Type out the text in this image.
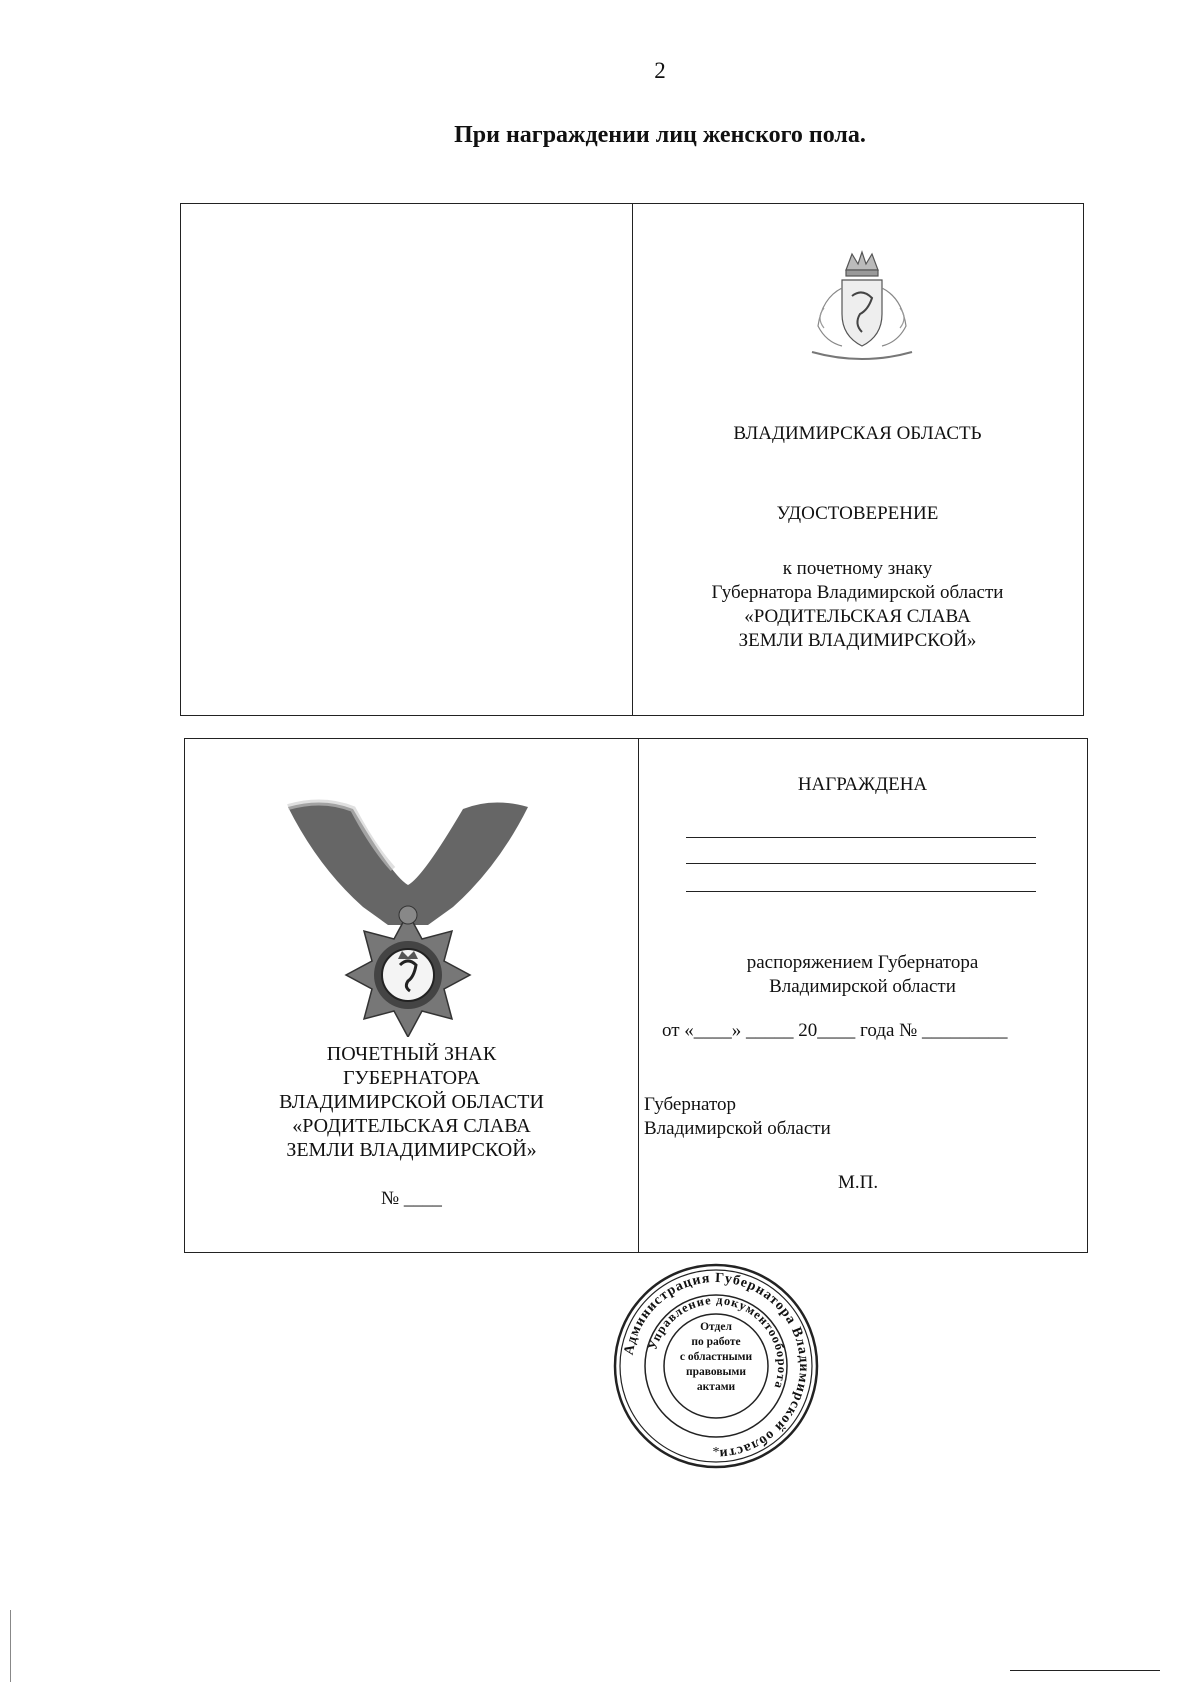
2
При награждении лиц женского пола.
ВЛАДИМИРСКАЯ ОБЛАСТЬ
УДОСТОВЕРЕНИЕ
к почетному знаку
Губернатора Владимирской области
«РОДИТЕЛЬСКАЯ СЛАВА
ЗЕМЛИ ВЛАДИМИРСКОЙ»
ПОЧЕТНЫЙ ЗНАК
ГУБЕРНАТОРА
ВЛАДИМИРСКОЙ ОБЛАСТИ
«РОДИТЕЛЬСКАЯ СЛАВА
ЗЕМЛИ ВЛАДИМИРСКОЙ»
№ ____
НАГРАЖДЕНА
распоряжением Губернатора
Владимирской области
от «____» _____ 20____ года № _________
Губернатор
Владимирской области
М.П.
Администрация Губернатора Владимирской области
Управление документооборота
*
Отдел
по работе
с областными
правовыми
актами
